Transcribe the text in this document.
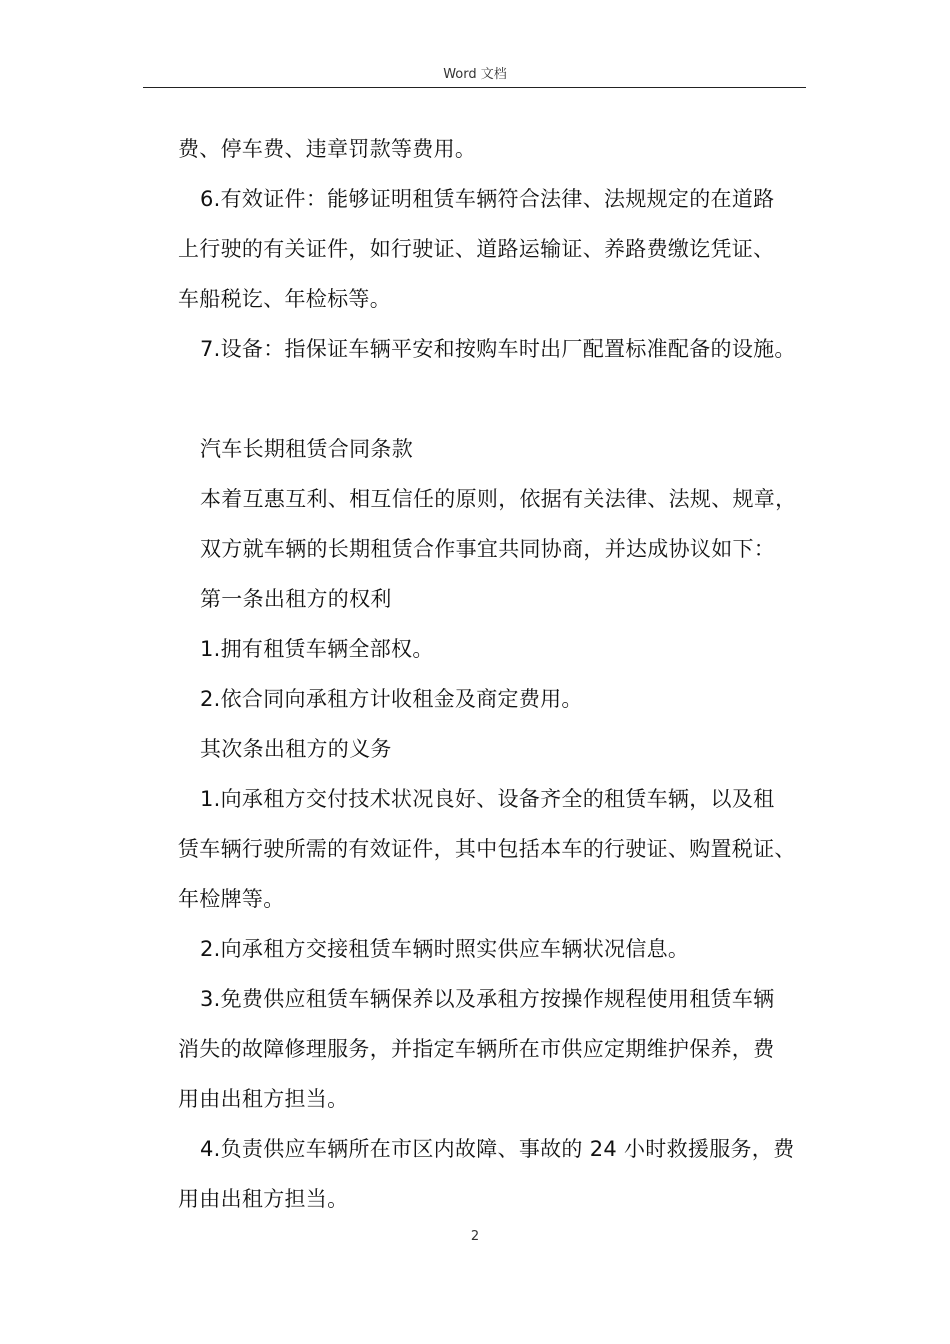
Word 文档
费、停车费、违章罚款等费用。
6.有效证件：能够证明租赁车辆符合法律、法规规定的在道路
上行驶的有关证件，如行驶证、道路运输证、养路费缴讫凭证、
车船税讫、年检标等。
7.设备：指保证车辆平安和按购车时出厂配置标准配备的设施。
汽车长期租赁合同条款
本着互惠互利、相互信任的原则，依据有关法律、法规、规章，
双方就车辆的长期租赁合作事宜共同协商，并达成协议如下：
第一条出租方的权利
1.拥有租赁车辆全部权。
2.依合同向承租方计收租金及商定费用。
其次条出租方的义务
1.向承租方交付技术状况良好、设备齐全的租赁车辆，以及租
赁车辆行驶所需的有效证件，其中包括本车的行驶证、购置税证、
年检牌等。
2.向承租方交接租赁车辆时照实供应车辆状况信息。
3.免费供应租赁车辆保养以及承租方按操作规程使用租赁车辆
消失的故障修理服务，并指定车辆所在市供应定期维护保养，费
用由出租方担当。
4.负责供应车辆所在市区内故障、事故的 24 小时救援服务，费
用由出租方担当。
2
